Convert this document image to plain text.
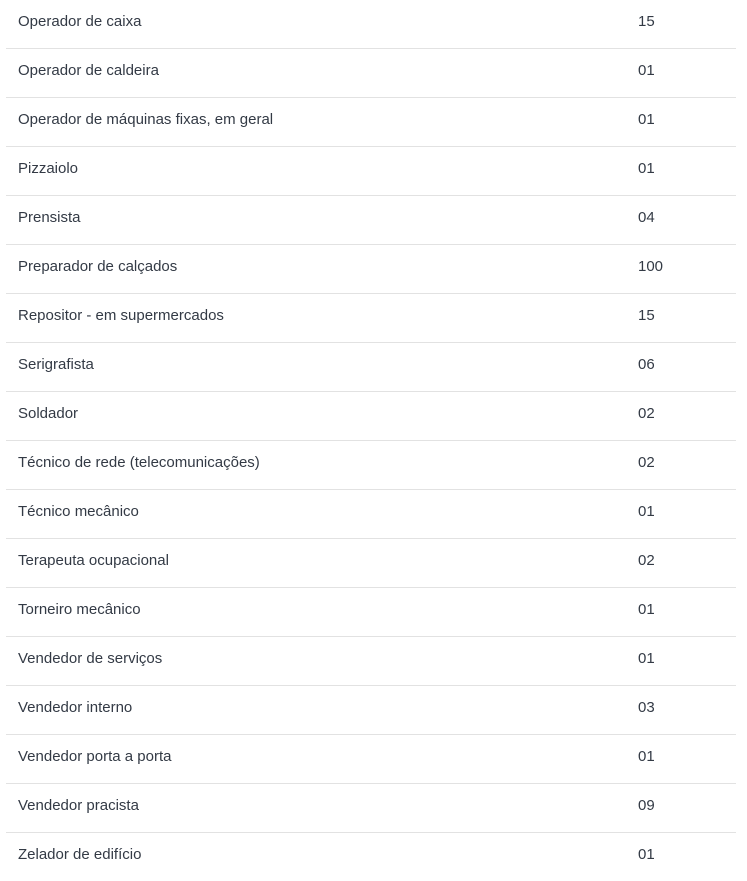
Operador de caixa	15
Operador de caldeira	01
Operador de máquinas fixas, em geral	01
Pizzaiolo	01
Prensista	04
Preparador de calçados	100
Repositor - em supermercados	15
Serigrafista	06
Soldador	02
Técnico de rede (telecomunicações)	02
Técnico mecânico	01
Terapeuta ocupacional	02
Torneiro mecânico	01
Vendedor de serviços	01
Vendedor interno	03
Vendedor porta a porta	01
Vendedor pracista	09
Zelador de edifício	01
